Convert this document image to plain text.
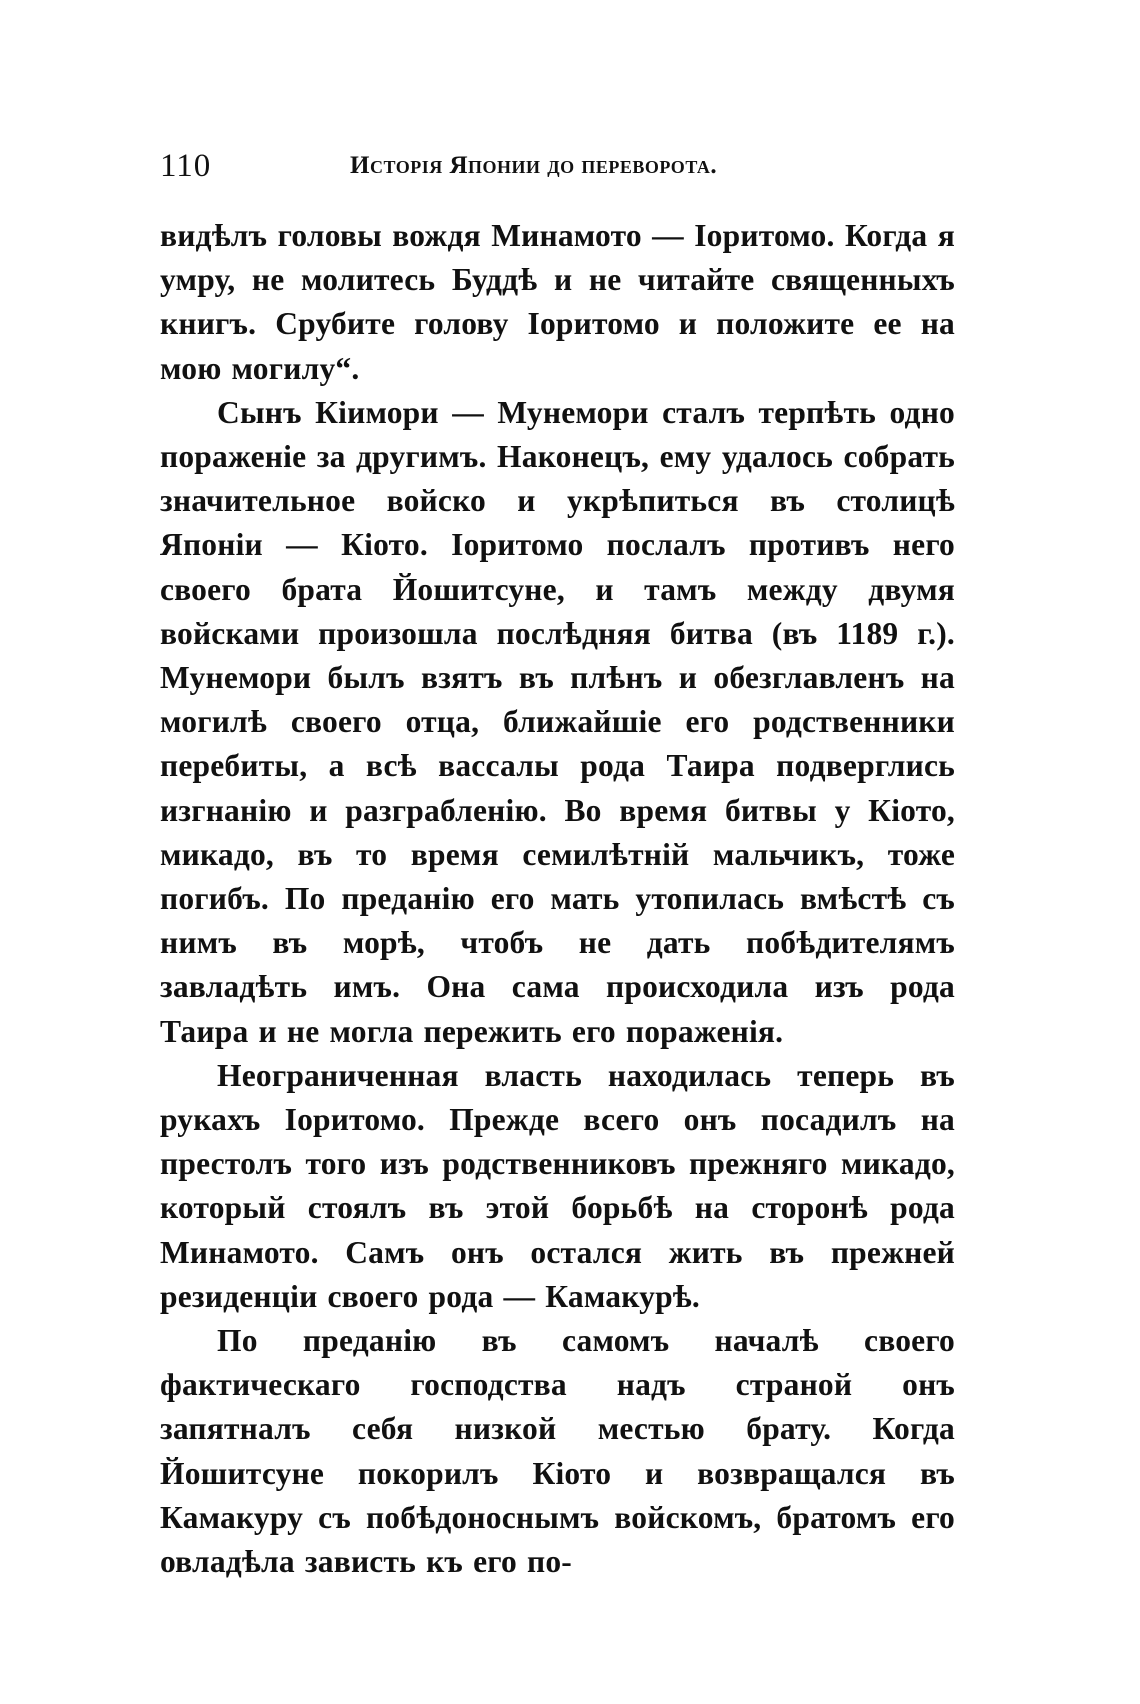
110	Исторiя Японии до переворота.

видѣлъ головы вождя Минамото — Iоритомо. Когда я умру, не молитесь Буддѣ и не читайте священныхъ книгъ. Срубите голову Iоритомо и положите ее на мою могилу“.

Сынъ Кiимори — Мунемори сталъ терпѣть одно пораженiе за другимъ. Наконецъ, ему удалось собрать значительное войско и укрѣпиться въ столицѣ Японiи — Кiото. Iоритомо послалъ противъ него своего брата Йошитсуне, и тамъ между двумя войсками произошла послѣдняя битва (въ 1189 г.). Мунемори былъ взятъ въ плѣнъ и обезглавленъ на могилѣ своего отца, ближайшiе его родственники перебиты, а всѣ вассалы рода Таира подверглись изгнанiю и разграбленiю. Во время битвы у Кiото, микадо, въ то время семилѣтнiй мальчикъ, тоже погибъ. По преданiю его мать утопилась вмѣстѣ съ нимъ въ морѣ, чтобъ не дать побѣдителямъ завладѣть имъ. Она сама происходила изъ рода Таира и не могла пережить его пораженiя.

Неограниченная власть находилась теперь въ рукахъ Iоритомо. Прежде всего онъ посадилъ на престолъ того изъ родственниковъ прежняго микадо, который стоялъ въ этой борьбѣ на сторонѣ рода Минамото. Самъ онъ остался жить въ прежней резиденцiи своего рода — Камакурѣ.

По преданiю въ самомъ началѣ своего фактическаго господства надъ страной онъ запятналъ себя низкой местью брату. Когда Йошитсуне покорилъ Кiото и возвращался въ Камакуру съ побѣдоноснымъ войскомъ, братомъ его овладѣла зависть къ его по-
